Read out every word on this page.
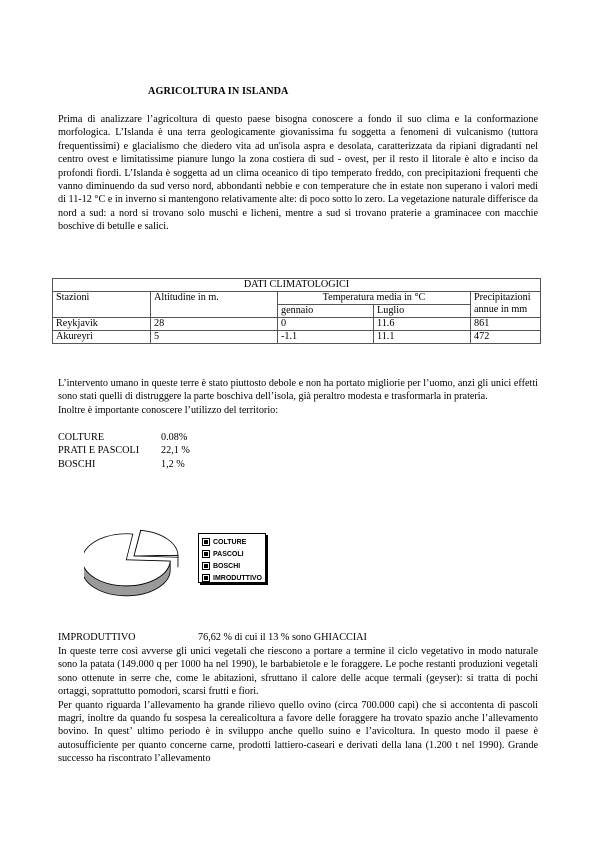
AGRICOLTURA IN ISLANDA

Prima di analizzare l’agricoltura di questo paese bisogna conoscere a fondo il suo clima e la conformazione morfologica. L’Islanda è una terra geologicamente giovanissima fu soggetta a fenomeni di vulcanismo (tuttora frequentissimi) e glacialismo che diedero vita ad un'isola aspra e desolata, caratterizzata da ripiani digradanti nel centro ovest e limitatissime pianure lungo la zona costiera di sud - ovest, per il resto il litorale è alto e inciso da profondi fiordi. L’Islanda è soggetta ad un clima oceanico di tipo temperato freddo, con precipitazioni frequenti che vanno diminuendo da sud verso nord, abbondanti nebbie e con temperature che in estate non superano i valori medi di 11-12 °C e in inverno si mantengono relativamente alte: di poco sotto lo zero. La vegetazione naturale differisce da nord a sud: a nord si trovano solo muschi e licheni, mentre a sud si trovano praterie a graminacee con macchie boschive di betulle e salici.

DATI CLIMATOLOGICI				
Stazioni	Altitudine in m.	Temperatura media in °C		Precipitazioni
annue in mm

		gennaio	Luglio	
Reykjavik	28	0	11.6	861
Akureyri	5	-1.1	11.1	472
L’intervento umano in queste terre è stato piuttosto debole e non ha portato migliorie per l’uomo, anzi gli unici effetti sono stati quelli di distruggere la parte boschiva dell’isola, già peraltro modesta e trasformarla in prateria.
Inoltre è importante conoscere l’utilizzo del territorio:
COLTURE	0.08%
PRATI E PASCOLI	22,1 %
BOSCHI	1,2 %
COLTURE
PASCOLI
BOSCHI
IMRODUTTIVO
IMPRODUTTIVO	76,62 % di cui il 13 % sono GHIACCIAI
In queste terre così avverse gli unici vegetali che riescono a portare a termine il ciclo vegetativo in modo naturale sono la patata (149.000 q per 1000 ha nel 1990), le barbabietole e le foraggere. Le poche restanti produzioni vegetali sono ottenute in serre che, come le abitazioni, sfruttano il calore delle acque termali (geyser): si tratta di pochi ortaggi, soprattutto pomodori, scarsi frutti e fiori.
Per quanto riguarda l’allevamento ha grande rilievo quello ovino (circa 700.000 capi) che si accontenta di pascoli magri, inoltre da quando fu sospesa la cerealicoltura a favore delle foraggere ha trovato spazio anche l’allevamento bovino. In quest’ ultimo periodo è in sviluppo anche quello suino e l’avicoltura. In questo modo il paese è autosufficiente per quanto concerne carne, prodotti lattiero-caseari e derivati della lana (1.200 t nel 1990). Grande successo ha riscontrato l’allevamento
